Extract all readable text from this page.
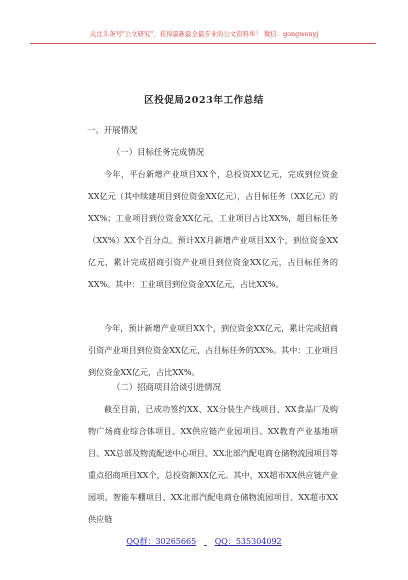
关注头条号"公文研究"，获得最新最全最专业的公文资料库！ 微信：gongwenyj
区投促局2023年工作总结
一、开展情况
（一）目标任务完成情况

今年，平台新增产业项目XX个，总投资XX亿元，完成到位资金XX亿元（其中续建项目到位资金XX亿元），占目标任务（XX亿元）的XX%；工业项目到位资金XX亿元，工业项目占比XX%，超目标任务（XX%）XX个百分点。预计XX月新增产业项目XX个，到位资金XX亿元，累计完成招商引资产业项目到位资金XX亿元，占目标任务的XX%。其中：工业项目到位资金XX亿元，占比XX%。

今年，预计新增产业项目XX个，到位资金XX亿元，累计完成招商引资产业项目到位资金XX亿元，占目标任务的XX%。其中：工业项目到位资金XX亿元，占比XX%。

（二）招商项目洽谈引进情况

截至目前，已成功签约XX、XX分装生产线项目、XX食品厂及购物广场商业综合体项目、XX供应链产业园项目、XX教育产业基地项目、XX总部及物流配送中心项目、XX北部汽配电商仓储物流园项目等重点招商项目XX个，总投资额XX亿元。其中，XX超市XX供应链产业园项、智能车棚项目、XX北部汽配电商仓储物流园项目、XX超市XX供应链

QQ群：30265665 QQ：535304092
